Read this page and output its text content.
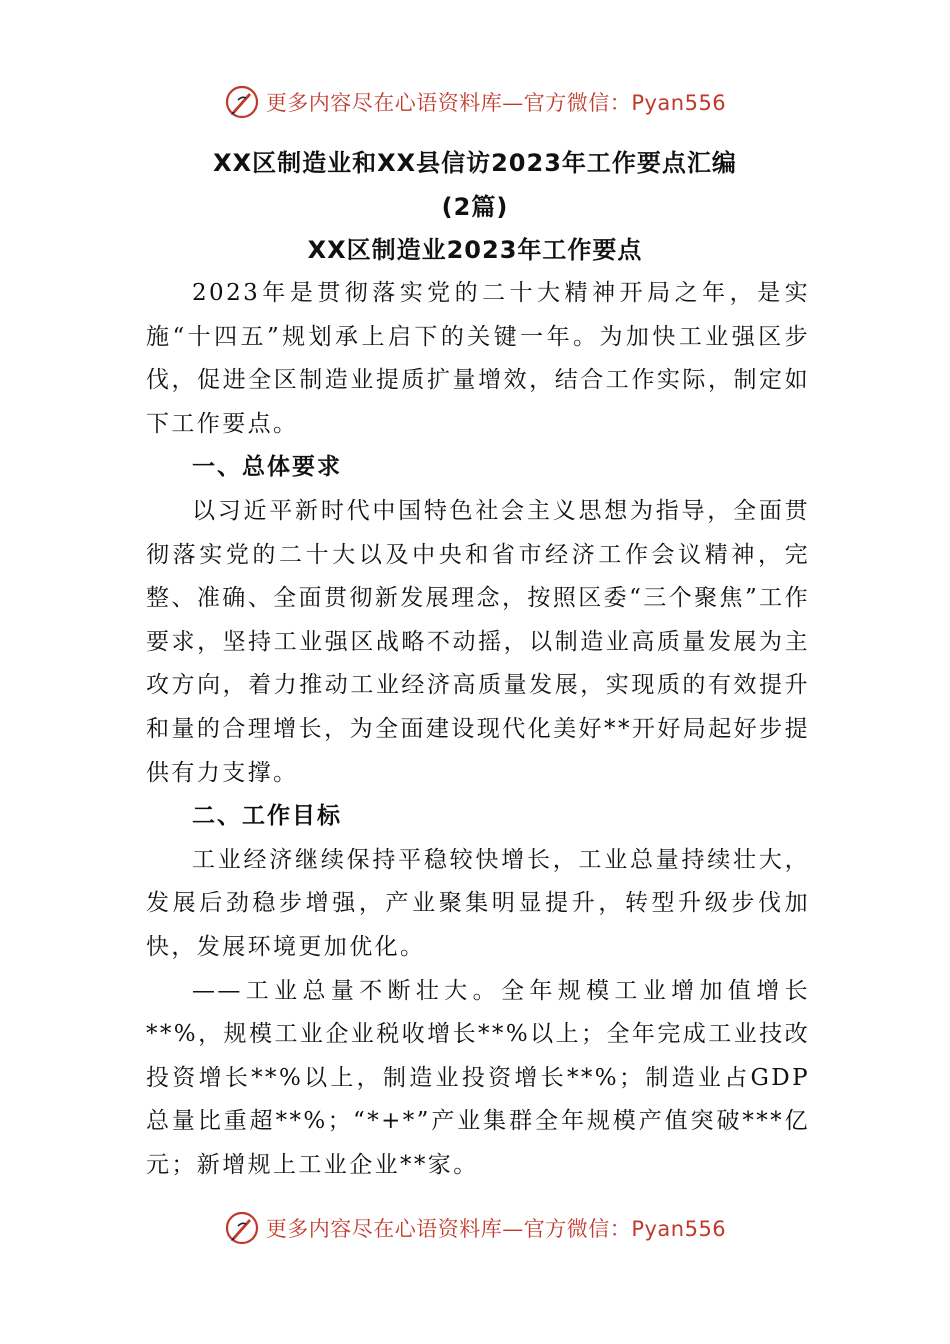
更多内容尽在心语资料库—官方微信：Pyan556
XX区制造业和XX县信访2023年工作要点汇编
(2篇)
XX区制造业2023年工作要点

2023年是贯彻落实党的二十大精神开局之年，是实施“十四五”规划承上启下的关键一年。为加快工业强区步伐，促进全区制造业提质扩量增效，结合工作实际，制定如下工作要点。

一、总体要求

以习近平新时代中国特色社会主义思想为指导，全面贯彻落实党的二十大以及中央和省市经济工作会议精神，完整、准确、全面贯彻新发展理念，按照区委“三个聚焦”工作要求，坚持工业强区战略不动摇，以制造业高质量发展为主攻方向，着力推动工业经济高质量发展，实现质的有效提升和量的合理增长，为全面建设现代化美好**开好局起好步提供有力支撑。

二、工作目标

工业经济继续保持平稳较快增长，工业总量持续壮大，发展后劲稳步增强，产业聚集明显提升，转型升级步伐加快，发展环境更加优化。

——工业总量不断壮大。全年规模工业增加值增长**%，规模工业企业税收增长**%以上；全年完成工业技改投资增长**%以上，制造业投资增长**%；制造业占GDP总量比重超**%；“*+*”产业集群全年规模产值突破***亿元；新增规上工业企业**家。

更多内容尽在心语资料库—官方微信：Pyan556
